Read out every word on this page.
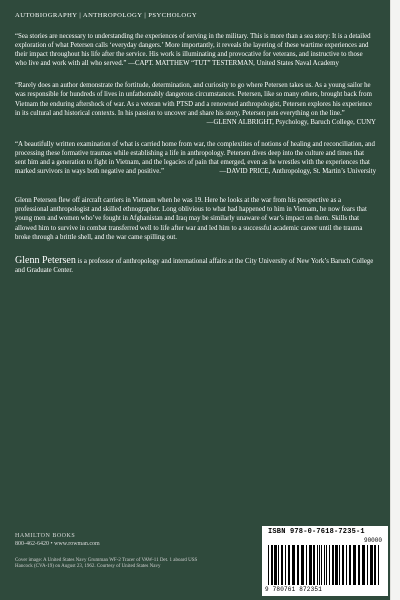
AUTOBIOGRAPHY | ANTHROPOLOGY | PSYCHOLOGY

“Sea stories are necessary to understanding the experiences of serving in the military. This is more than a sea story: It is a detailed exploration of what Petersen calls ‘everyday dangers.’ More importantly, it reveals the layering of these wartime experiences and their impact throughout his life after the service. His work is illuminating and provocative for veterans, and instructive to those who live and work with all who served.” —CAPT. MATTHEW “TUT” TESTERMAN, United States Naval Academy

“Rarely does an author demonstrate the fortitude, determination, and curiosity to go where Petersen takes us. As a young sailor he was responsible for hundreds of lives in unfathomably dangerous circumstances. Petersen, like so many others, brought back from Vietnam the enduring aftershock of war. As a veteran with PTSD and a renowned anthropologist, Petersen explores his experience in its cultural and historical contexts. In his passion to uncover and share his story, Petersen puts everything on the line.”
—GLENN ALBRIGHT, Psychology, Baruch College, CUNY

“A beautifully written examination of what is carried home from war, the complexities of notions of healing and reconciliation, and processing these formative traumas while establishing a life in anthropology. Petersen dives deep into the culture and times that sent him and a generation to fight in Vietnam, and the legacies of pain that emerged, even as he wrestles with the experiences that marked survivors in ways both negative and positive.”	—DAVID PRICE, Anthropology, St. Martin’s University

Glenn Petersen flew off aircraft carriers in Vietnam when he was 19. Here he looks at the war from his perspective as a professional anthropologist and skilled ethnographer. Long oblivious to what had happened to him in Vietnam, he now fears that young men and women who’ve fought in Afghanistan and Iraq may be similarly unaware of war’s impact on them. Skills that allowed him to survive in combat transferred well to life after war and led him to a successful academic career until the trauma broke through a brittle shell, and the war came spilling out.

Glenn Petersen is a professor of anthropology and international affairs at the City University of New York’s Baruch College and Graduate Center.

HAMILTON BOOKS
800-462-6420 • www.rowman.com
Cover image: A United States Navy Grumman WF-2 Tracer of VAW-11 Det. 1 aboard USS Hancock (CVA-19) on August 23, 1962. Courtesy of United States Navy
ISBN 978-0-7618-7235-1
90000
9 780761 872351
